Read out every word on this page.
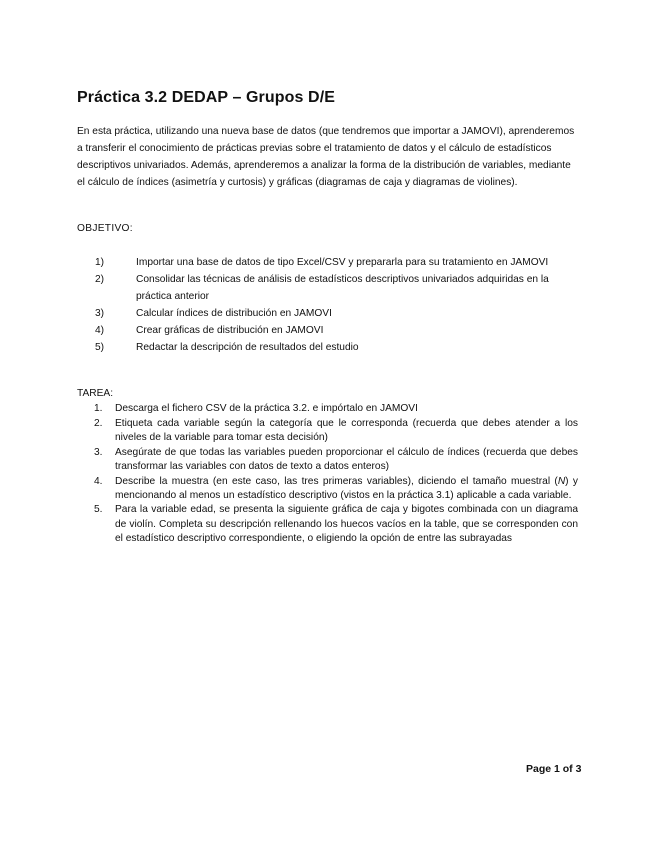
Práctica 3.2 DEDAP – Grupos D/E
En esta práctica, utilizando una nueva base de datos (que tendremos que importar a JAMOVI), aprenderemos a transferir el conocimiento de prácticas previas sobre el tratamiento de datos y el cálculo de estadísticos descriptivos univariados. Además, aprenderemos a analizar la forma de la distribución de variables, mediante el cálculo de índices (asimetría y curtosis) y gráficas (diagramas de caja y diagramas de violines).
OBJETIVO:
1)	Importar una base de datos de tipo Excel/CSV y prepararla para su tratamiento en JAMOVI
2)	Consolidar las técnicas de análisis de estadísticos descriptivos univariados adquiridas en la práctica anterior
3)	Calcular índices de distribución en JAMOVI
4)	Crear gráficas de distribución en JAMOVI
5)	Redactar la descripción de resultados del estudio
TAREA:
1.	Descarga el fichero CSV de la práctica 3.2. e impórtalo en JAMOVI
2.	Etiqueta cada variable según la categoría que le corresponda (recuerda que debes atender a los niveles de la variable para tomar esta decisión)
3.	Asegúrate de que todas las variables pueden proporcionar el cálculo de índices (recuerda que debes transformar las variables con datos de texto a datos enteros)
4.	Describe la muestra (en este caso, las tres primeras variables), diciendo el tamaño muestral (N) y mencionando al menos un estadístico descriptivo (vistos en la práctica 3.1) aplicable a cada variable.
5.	Para la variable edad, se presenta la siguiente gráfica de caja y bigotes combinada con un diagrama de violín. Completa su descripción rellenando los huecos vacíos en la table, que se corresponden con el estadístico descriptivo correspondiente, o eligiendo la opción de entre las subrayadas
Page 1 of 3
